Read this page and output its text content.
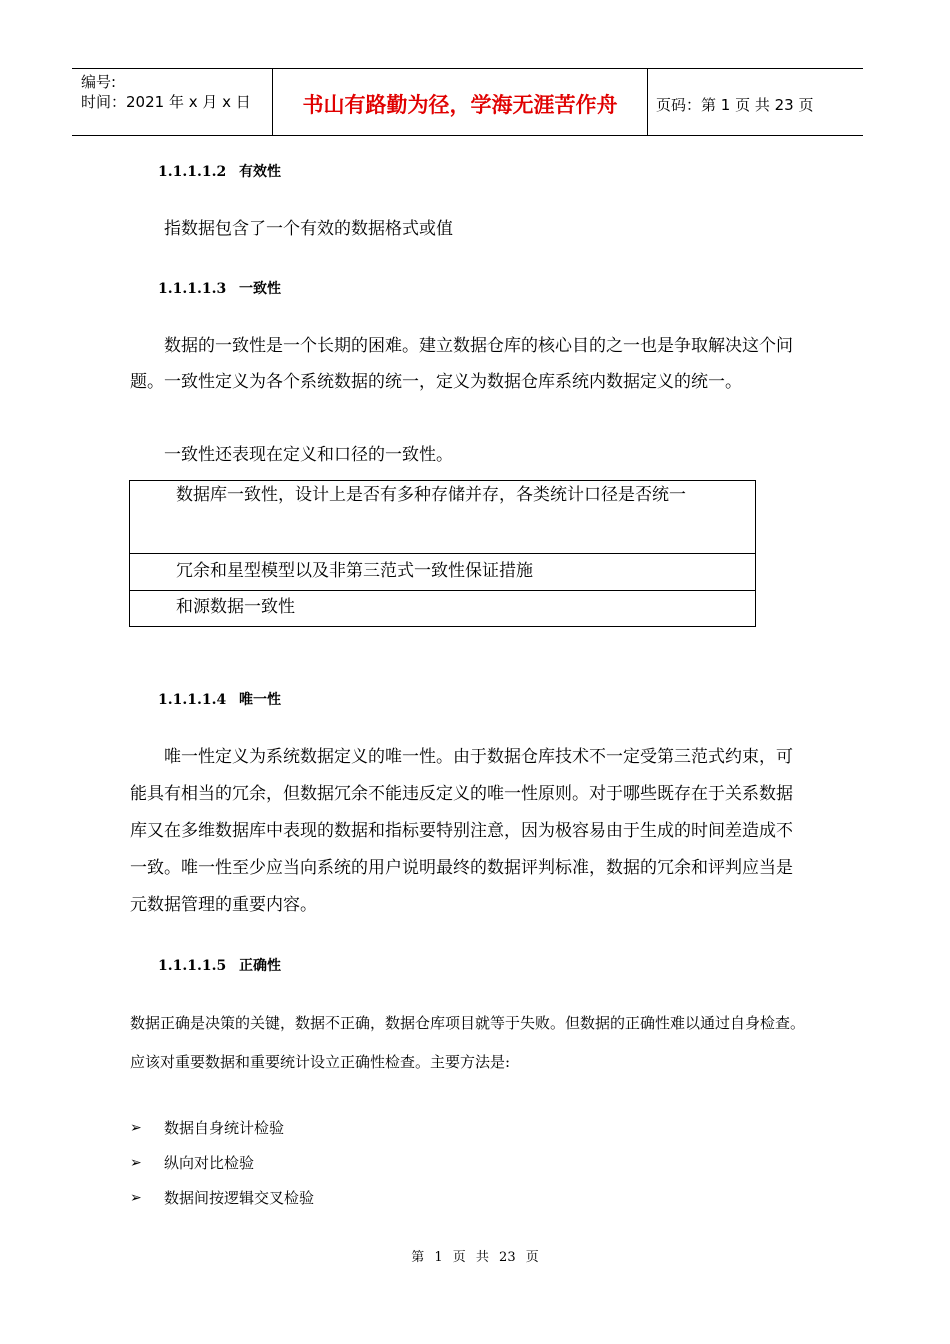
编号:
时间：2021 年 x 月 x 日	书山有路勤为径，学海无涯苦作舟	页码：第 1 页 共 23 页
1.1.1.1.2 有效性
指数据包含了一个有效的数据格式或值
1.1.1.1.3 一致性
数据的一致性是一个长期的困难。建立数据仓库的核心目的之一也是争取解决这个问题。一致性定义为各个系统数据的统一，定义为数据仓库系统内数据定义的统一。
一致性还表现在定义和口径的一致性。
数据库一致性，设计上是否有多种存储并存，各类统计口径是否统一
冗余和星型模型以及非第三范式一致性保证措施
和源数据一致性
1.1.1.1.4 唯一性
唯一性定义为系统数据定义的唯一性。由于数据仓库技术不一定受第三范式约束，可能具有相当的冗余，但数据冗余不能违反定义的唯一性原则。对于哪些既存在于关系数据库又在多维数据库中表现的数据和指标要特别注意，因为极容易由于生成的时间差造成不一致。唯一性至少应当向系统的用户说明最终的数据评判标准，数据的冗余和评判应当是元数据管理的重要内容。
1.1.1.1.5 正确性
数据正确是决策的关键，数据不正确，数据仓库项目就等于失败。但数据的正确性难以通过自身检查。应该对重要数据和重要统计设立正确性检查。主要方法是:
➢	数据自身统计检验
➢	纵向对比检验
➢	数据间按逻辑交叉检验
第 1 页 共 23 页
